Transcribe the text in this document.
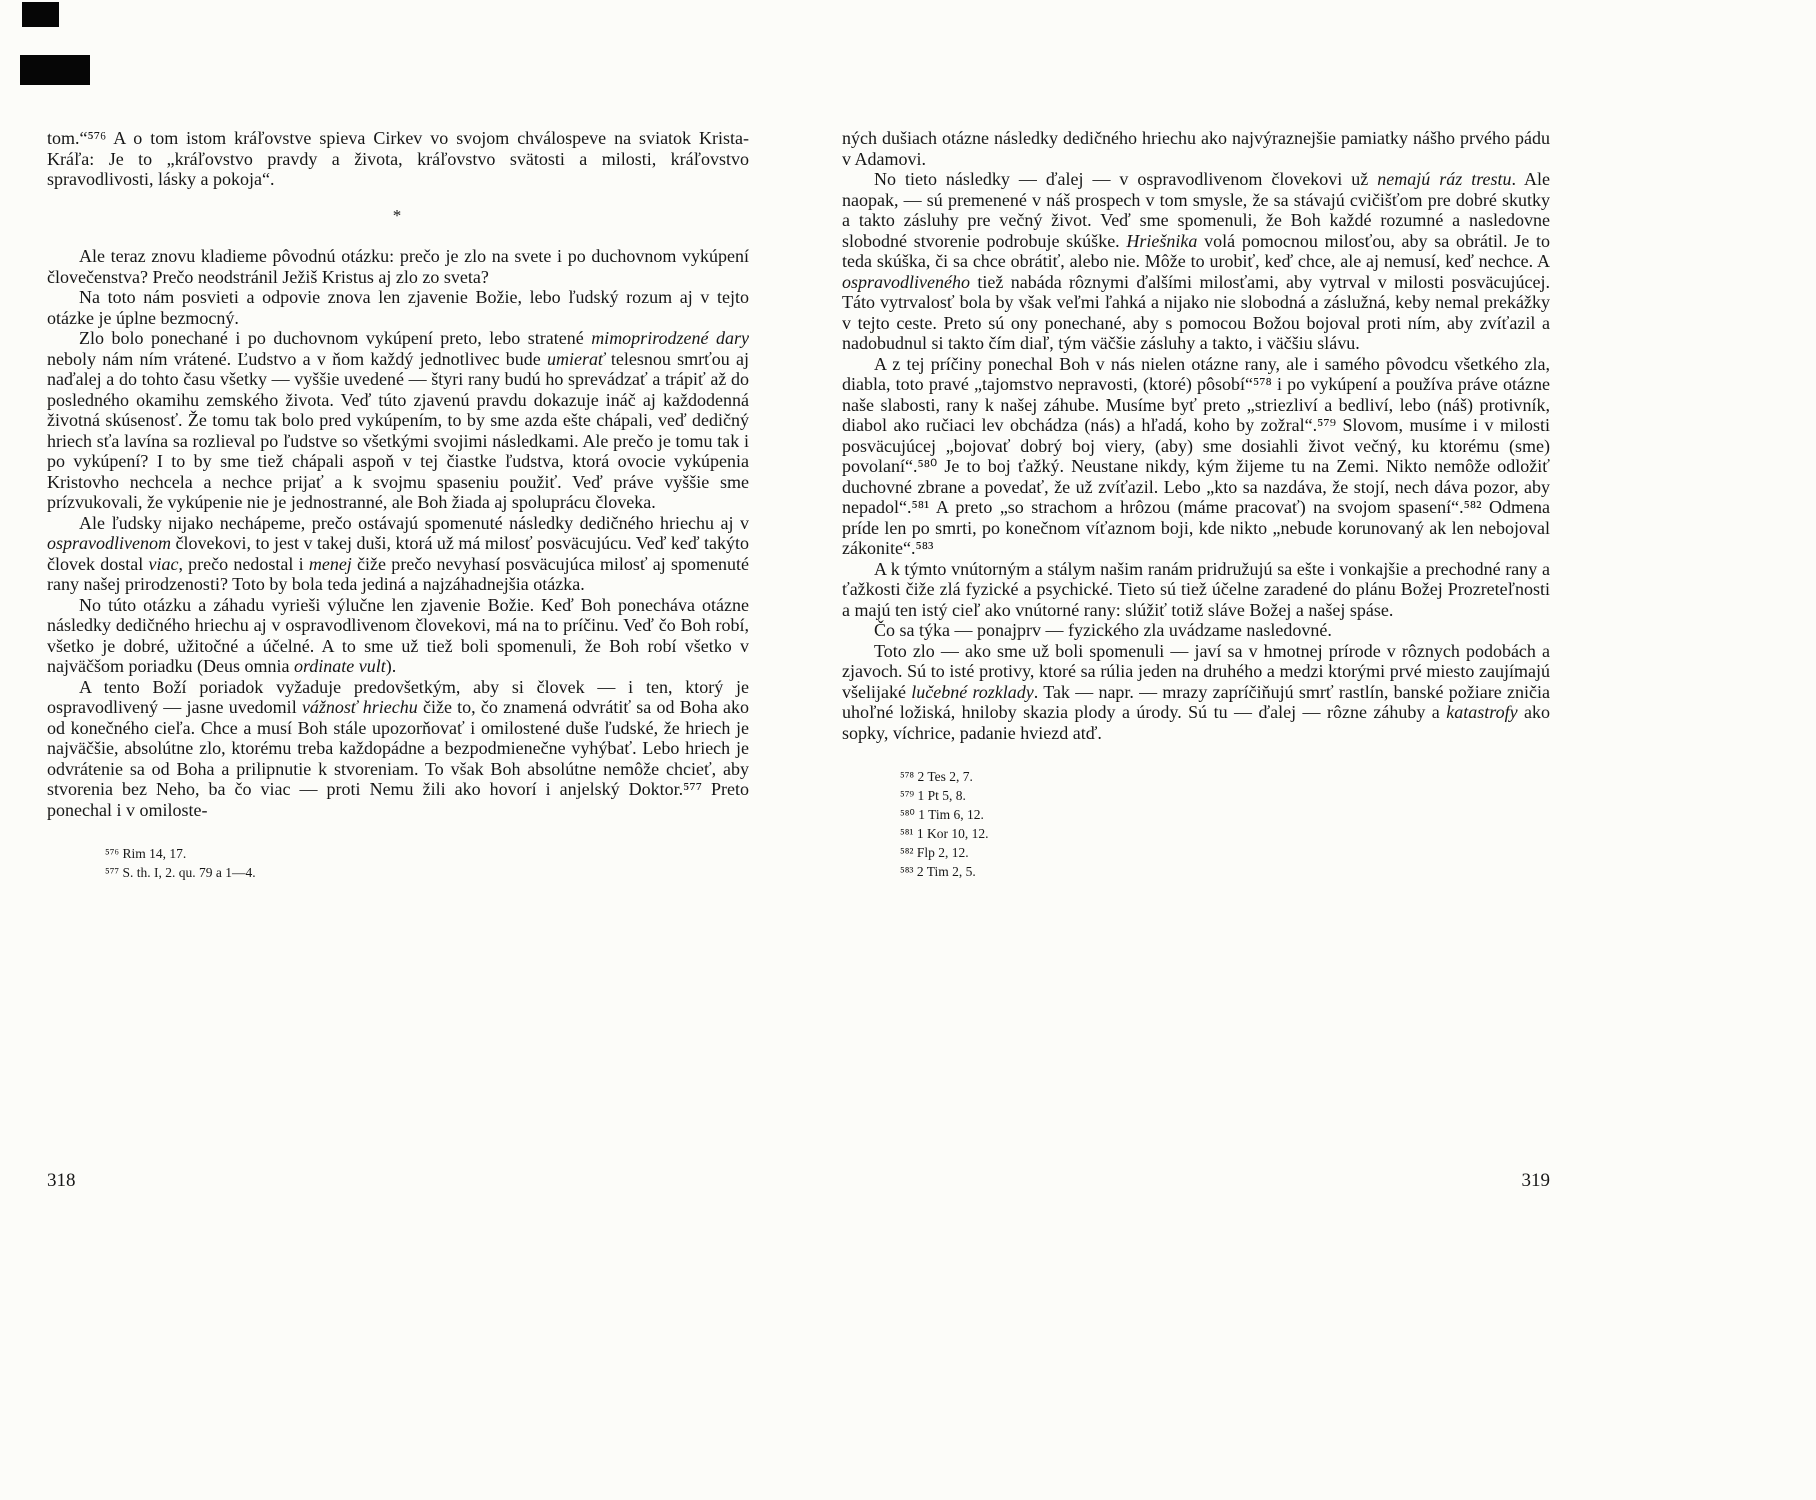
tom.“⁵⁷⁶ A o tom istom kráľovstve spieva Cirkev vo svojom chválospeve na sviatok Krista-Kráľa: Je to „kráľovstvo pravdy a života, kráľovstvo svätosti a milosti, kráľovstvo spravodlivosti, lásky a pokoja“.

*

Ale teraz znovu kladieme pôvodnú otázku: prečo je zlo na svete i po duchovnom vykúpení človečenstva? Prečo neodstránil Ježiš Kristus aj zlo zo sveta?

Na toto nám posvieti a odpovie znova len zjavenie Božie, lebo ľudský rozum aj v tejto otázke je úplne bezmocný.

Zlo bolo ponechané i po duchovnom vykúpení preto, lebo stratené mimoprirodzené dary neboly nám ním vrátené. Ľudstvo a v ňom každý jednotlivec bude umierať telesnou smrťou aj naďalej a do tohto času všetky — vyššie uvedené — štyri rany budú ho sprevádzať a trápiť až do posledného okamihu zemského života. Veď túto zjavenú pravdu dokazuje ináč aj každodenná životná skúsenosť. Že tomu tak bolo pred vykúpením, to by sme azda ešte chápali, veď dedičný hriech sťa lavína sa rozlieval po ľudstve so všetkými svojimi následkami. Ale prečo je tomu tak i po vykúpení? I to by sme tiež chápali aspoň v tej čiastke ľudstva, ktorá ovocie vykúpenia Kristovho nechcela a nechce prijať a k svojmu spaseniu použiť. Veď práve vyššie sme prízvukovali, že vykúpenie nie je jednostranné, ale Boh žiada aj spoluprácu človeka.

Ale ľudsky nijako nechápeme, prečo ostávajú spomenuté následky dedičného hriechu aj v ospravodlivenom človekovi, to jest v takej duši, ktorá už má milosť posväcujúcu. Veď keď takýto človek dostal viac, prečo nedostal i menej čiže prečo nevyhasí posväcujúca milosť aj spomenuté rany našej prirodzenosti? Toto by bola teda jediná a najzáhadnejšia otázka.

No túto otázku a záhadu vyrieši výlučne len zjavenie Božie. Keď Boh ponecháva otázne následky dedičného hriechu aj v ospravodlivenom človekovi, má na to príčinu. Veď čo Boh robí, všetko je dobré, užitočné a účelné. A to sme už tiež boli spomenuli, že Boh robí všetko v najväčšom poriadku (Deus omnia ordinate vult).

A tento Boží poriadok vyžaduje predovšetkým, aby si človek — i ten, ktorý je ospravodlivený — jasne uvedomil vážnosť hriechu čiže to, čo znamená odvrátiť sa od Boha ako od konečného cieľa. Chce a musí Boh stále upozorňovať i omilostené duše ľudské, že hriech je najväčšie, absolútne zlo, ktorému treba každopádne a bezpodmienečne vyhýbať. Lebo hriech je odvrátenie sa od Boha a prilipnutie k stvoreniam. To však Boh absolútne nemôže chcieť, aby stvorenia bez Neho, ba čo viac — proti Nemu žili ako hovorí i anjelský Doktor.⁵⁷⁷ Preto ponechal i v omiloste-

⁵⁷⁶ Rim 14, 17.
⁵⁷⁷ S. th. I, 2. qu. 79 a 1—4.

ných dušiach otázne následky dedičného hriechu ako najvýraznejšie pamiatky nášho prvého pádu v Adamovi.

No tieto následky — ďalej — v ospravodlivenom človekovi už nemajú ráz trestu. Ale naopak, — sú premenené v náš prospech v tom smysle, že sa stávajú cvičišťom pre dobré skutky a takto zásluhy pre večný život. Veď sme spomenuli, že Boh každé rozumné a nasledovne slobodné stvorenie podrobuje skúške. Hriešnika volá pomocnou milosťou, aby sa obrátil. Je to teda skúška, či sa chce obrátiť, alebo nie. Môže to urobiť, keď chce, ale aj nemusí, keď nechce. A ospravodliveného tiež nabáda rôznymi ďalšími milosťami, aby vytrval v milosti posväcujúcej. Táto vytrvalosť bola by však veľmi ľahká a nijako nie slobodná a záslužná, keby nemal prekážky v tejto ceste. Preto sú ony ponechané, aby s pomocou Božou bojoval proti ním, aby zvíťazil a nadobudnul si takto čím diaľ, tým väčšie zásluhy a takto, i väčšiu slávu.

A z tej príčiny ponechal Boh v nás nielen otázne rany, ale i samého pôvodcu všetkého zla, diabla, toto pravé „tajomstvo nepravosti, (ktoré) pôsobí“⁵⁷⁸ i po vykúpení a používa práve otázne naše slabosti, rany k našej záhube. Musíme byť preto „striezliví a bedliví, lebo (náš) protivník, diabol ako ručiaci lev obchádza (nás) a hľadá, koho by zožral“.⁵⁷⁹ Slovom, musíme i v milosti posväcujúcej „bojovať dobrý boj viery, (aby) sme dosiahli život večný, ku ktorému (sme) povolaní“.⁵⁸⁰ Je to boj ťažký. Neustane nikdy, kým žijeme tu na Zemi. Nikto nemôže odložiť duchovné zbrane a povedať, že už zvíťazil. Lebo „kto sa nazdáva, že stojí, nech dáva pozor, aby nepadol“.⁵⁸¹ A preto „so strachom a hrôzou (máme pracovať) na svojom spasení“.⁵⁸² Odmena príde len po smrti, po konečnom víťaznom boji, kde nikto „nebude korunovaný ak len nebojoval zákonite“.⁵⁸³

A k týmto vnútorným a stálym našim ranám pridružujú sa ešte i vonkajšie a prechodné rany a ťažkosti čiže zlá fyzické a psychické. Tieto sú tiež účelne zaradené do plánu Božej Prozreteľnosti a majú ten istý cieľ ako vnútorné rany: slúžiť totiž sláve Božej a našej spáse.

Čo sa týka — ponajprv — fyzického zla uvádzame nasledovné.

Toto zlo — ako sme už boli spomenuli — javí sa v hmotnej prírode v rôznych podobách a zjavoch. Sú to isté protivy, ktoré sa rúlia jeden na druhého a medzi ktorými prvé miesto zaujímajú všelijaké lučebné rozklady. Tak — napr. — mrazy zapríčiňujú smrť rastlín, banské požiare zničia uhoľné ložiská, hniloby skazia plody a úrody. Sú tu — ďalej — rôzne záhuby a katastrofy ako sopky, víchrice, padanie hviezd atď.

⁵⁷⁸ 2 Tes 2, 7.
⁵⁷⁹ 1 Pt 5, 8.
⁵⁸⁰ 1 Tim 6, 12.
⁵⁸¹ 1 Kor 10, 12.
⁵⁸² Flp 2, 12.
⁵⁸³ 2 Tim 2, 5.
318	319
